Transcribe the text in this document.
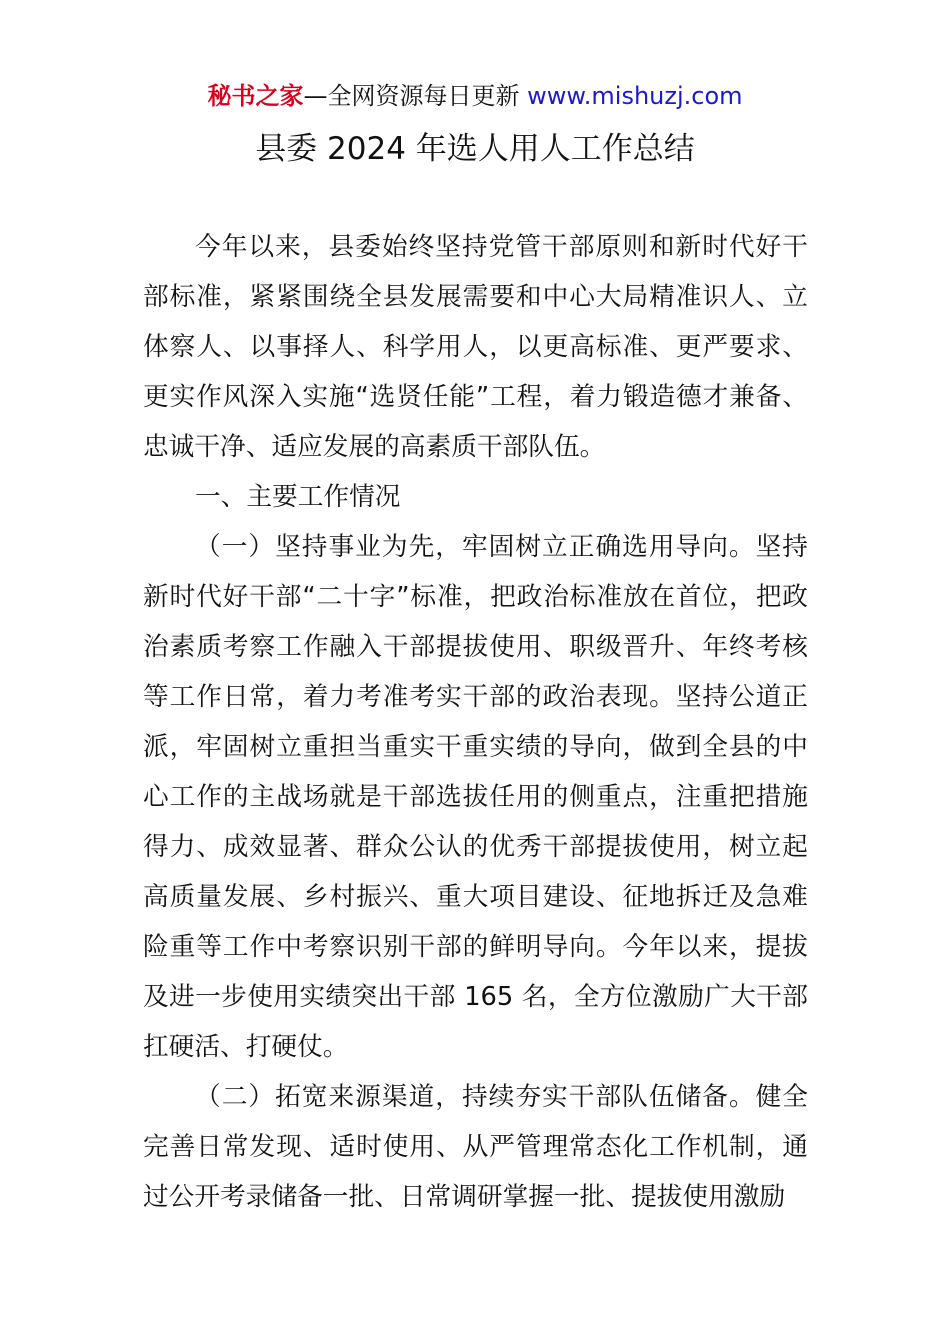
秘书之家—全网资源每日更新 www.mishuzj.com
县委 2024 年选人用人工作总结

今年以来，县委始终坚持党管干部原则和新时代好干部标准，紧紧围绕全县发展需要和中心大局精准识人、立体察人、以事择人、科学用人，以更高标准、更严要求、更实作风深入实施“选贤任能”工程，着力锻造德才兼备、忠诚干净、适应发展的高素质干部队伍。

一、主要工作情况

（一）坚持事业为先，牢固树立正确选用导向。坚持新时代好干部“二十字”标准，把政治标准放在首位，把政治素质考察工作融入干部提拔使用、职级晋升、年终考核等工作日常，着力考准考实干部的政治表现。坚持公道正派，牢固树立重担当重实干重实绩的导向，做到全县的中心工作的主战场就是干部选拔任用的侧重点，注重把措施得力、成效显著、群众公认的优秀干部提拔使用，树立起高质量发展、乡村振兴、重大项目建设、征地拆迁及急难险重等工作中考察识别干部的鲜明导向。今年以来，提拔及进一步使用实绩突出干部 165 名，全方位激励广大干部扛硬活、打硬仗。

（二）拓宽来源渠道，持续夯实干部队伍储备。健全完善日常发现、适时使用、从严管理常态化工作机制，通过公开考录储备一批、日常调研掌握一批、提拔使用激励
